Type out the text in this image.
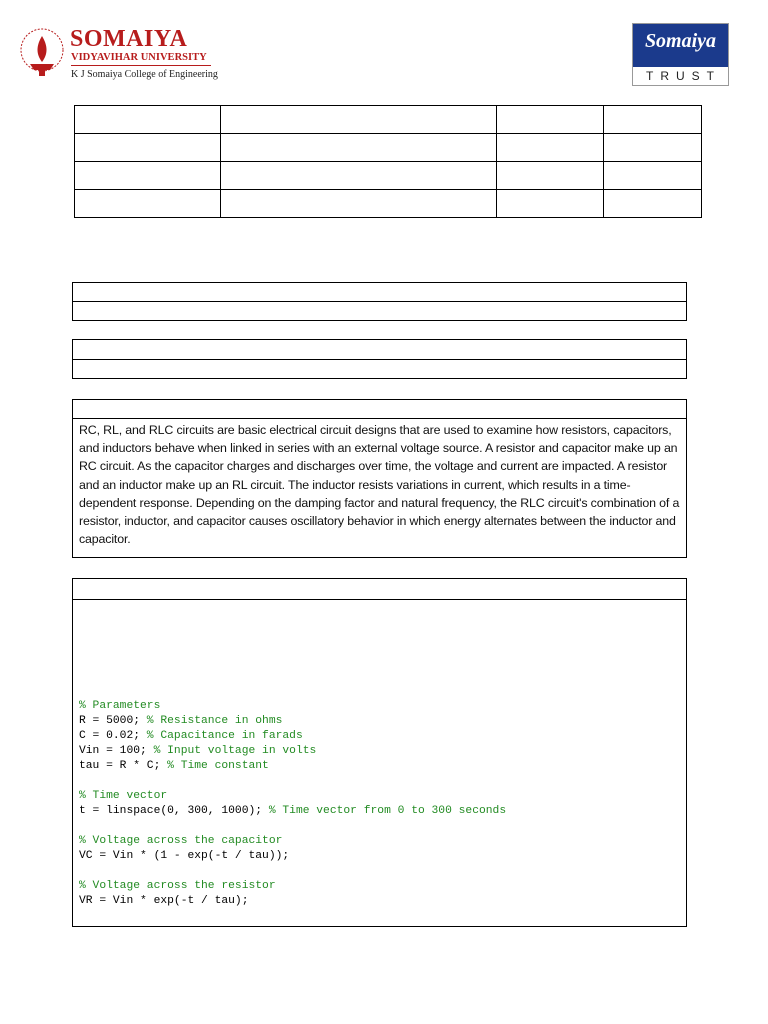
SOMAIYA
VIDYAVIHAR UNIVERSITY
K J Somaiya College of Engineering
Somaiya
TRUST

RC, RL, and RLC circuits are basic electrical circuit designs that are used to examine how resistors, capacitors, and inductors behave when linked in series with an external voltage source. A resistor and capacitor make up an RC circuit. As the capacitor charges and discharges over time, the voltage and current are impacted. A resistor and an inductor make up an RL circuit. The inductor resists variations in current, which results in a time-dependent response. Depending on the damping factor and natural frequency, the RLC circuit's combination of a resistor, inductor, and capacitor causes oscillatory behavior in which energy alternates between the inductor and capacitor.
% Parameters
R = 5000; % Resistance in ohms
C = 0.02; % Capacitance in farads
Vin = 100; % Input voltage in volts
tau = R * C; % Time constant

% Time vector
t = linspace(0, 300, 1000); % Time vector from 0 to 300 seconds

% Voltage across the capacitor
VC = Vin * (1 - exp(-t / tau));

% Voltage across the resistor
VR = Vin * exp(-t / tau);
